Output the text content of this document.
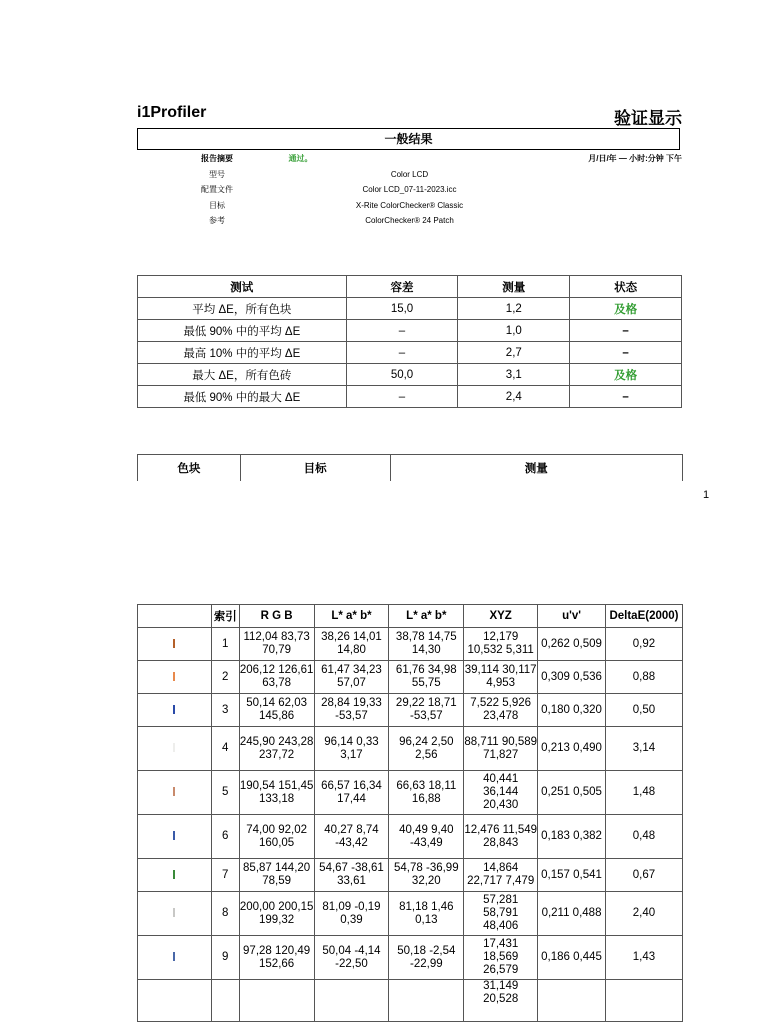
i1Profiler	验证显示
一般结果
报告摘要	通过。	月/日/年 — 小时:分钟 下午
型号	Color LCD
配置文件	Color LCD_07-11-2023.icc
目标	X-Rite ColorChecker® Classic
参考	ColorChecker® 24 Patch
测试	容差	测量	状态
平均 ΔE，所有色块	15,0	1,2	及格
最低 90% 中的平均 ΔE	–	1,0	–
最高 10% 中的平均 ΔE	–	2,7	–
最大 ΔE，所有色砖	50,0	3,1	及格
最低 90% 中的最大 ΔE	–	2,4	–
色块	目标	测量
1
	索引	R G B	L* a* b*	L* a* b*	XYZ	u'v'	DeltaE(2000)
	1	112,04 83,73 70,79	38,26 14,01 14,80	38,78 14,75 14,30	12,179 10,532 5,311	0,262 0,509	0,92
	2	206,12 126,61 63,78	61,47 34,23 57,07	61,76 34,98 55,75	39,114 30,117 4,953	0,309 0,536	0,88
	3	50,14 62,03 145,86	28,84 19,33 -53,57	29,22 18,71 -53,57	7,522 5,926 23,478	0,180 0,320	0,50
	4	245,90 243,28 237,72	96,14 0,33 3,17	96,24 2,50 2,56	88,711 90,589 71,827	0,213 0,490	3,14
	5	190,54 151,45 133,18	66,57 16,34 17,44	66,63 18,11 16,88	40,441 36,144 20,430	0,251 0,505	1,48
	6	74,00 92,02 160,05	40,27 8,74 -43,42	40,49 9,40 -43,49	12,476 11,549 28,843	0,183 0,382	0,48
	7	85,87 144,20 78,59	54,67 -38,61 33,61	54,78 -36,99 32,20	14,864 22,717 7,479	0,157 0,541	0,67
	8	200,00 200,15 199,32	81,09 -0,19 0,39	81,18 1,46 0,13	57,281 58,791 48,406	0,211 0,488	2,40
	9	97,28 120,49 152,66	50,04 -4,14 -22,50	50,18 -2,54 -22,99	17,431 18,569 26,579	0,186 0,445	1,43
					31,149 20,528		
